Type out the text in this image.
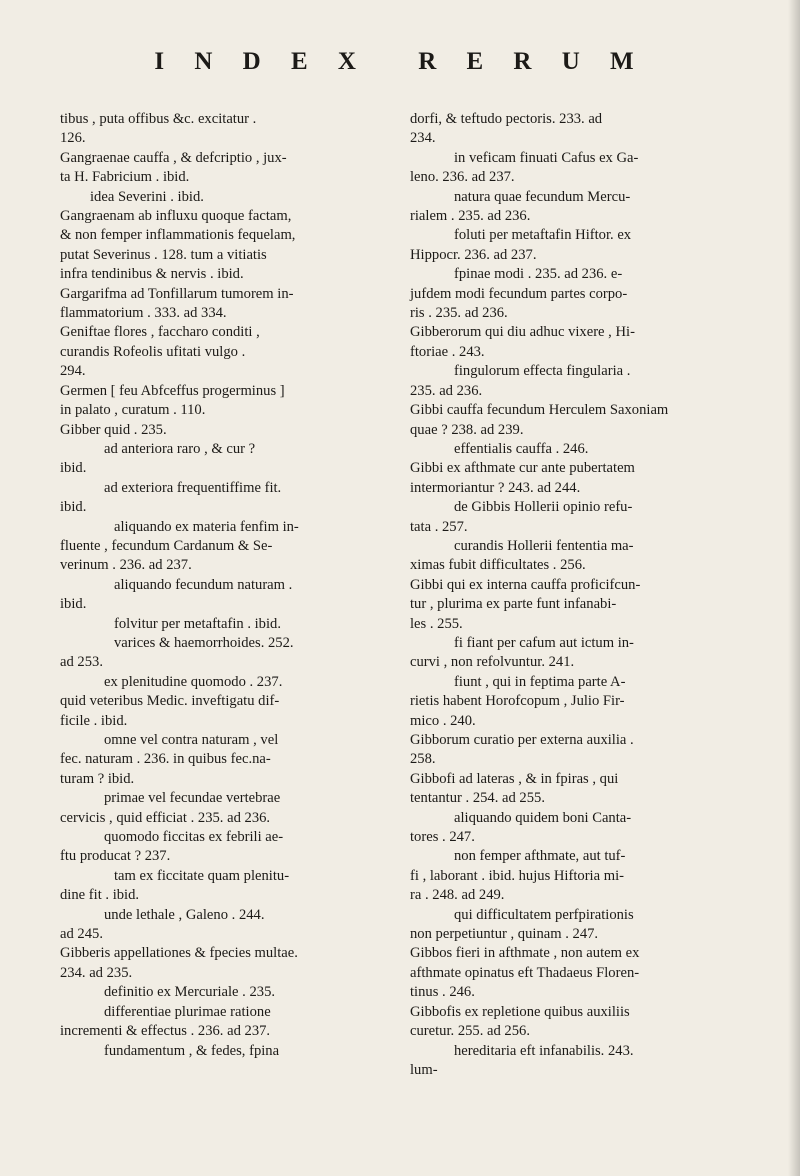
I N D E X R E R U M
tibus , puta offibus &c. excitatur .
126.
Gangraenae cauffa , & defcriptio , jux-
ta H. Fabricium . ibid.
idea Severini . ibid.
Gangraenam ab influxu quoque factam,
& non femper inflammationis fequelam,
putat Severinus . 128. tum a vitiatis
infra tendinibus & nervis . ibid.
Gargarifma ad Tonfillarum tumorem in-
flammatorium . 333. ad 334.
Geniftae flores , faccharo conditi ,
curandis Rofeolis ufitati vulgo .
294.
Germen [ feu Abfceffus progerminus ]
in palato , curatum . 110.
Gibber quid . 235.
ad anteriora raro , & cur ?
ibid.
ad exteriora frequentiffime fit.
ibid.
aliquando ex materia fenfim in-
fluente , fecundum Cardanum & Se-
verinum . 236. ad 237.
aliquando fecundum naturam .
ibid.
folvitur per metaftafin . ibid.
varices & haemorrhoides. 252.
ad 253.
ex plenitudine quomodo . 237.
quid veteribus Medic. inveftigatu dif-
ficile . ibid.
omne vel contra naturam , vel
fec. naturam . 236. in quibus fec.na-
turam ? ibid.
primae vel fecundae vertebrae
cervicis , quid efficiat . 235. ad 236.
quomodo ficcitas ex febrili ae-
ftu producat ? 237.
tam ex ficcitate quam plenitu-
dine fit . ibid.
unde lethale , Galeno . 244.
ad 245.
Gibberis appellationes & fpecies multae.
234. ad 235.
definitio ex Mercuriale . 235.
differentiae plurimae ratione
incrementi & effectus . 236. ad 237.
fundamentum , & fedes, fpina
dorfi, & teftudo pectoris. 233. ad
234.
in veficam finuati Cafus ex Ga-
leno. 236. ad 237.
natura quae fecundum Mercu-
rialem . 235. ad 236.
foluti per metaftafin Hiftor. ex
Hippocr. 236. ad 237.
fpinae modi . 235. ad 236. e-
jufdem modi fecundum partes corpo-
ris . 235. ad 236.
Gibberorum qui diu adhuc vixere , Hi-
ftoriae . 243.
fingulorum effecta fingularia .
235. ad 236.
Gibbi cauffa fecundum Herculem Saxoniam
quae ? 238. ad 239.
effentialis cauffa . 246.
Gibbi ex afthmate cur ante pubertatem
intermoriantur ? 243. ad 244.
de Gibbis Hollerii opinio refu-
tata . 257.
curandis Hollerii fententia ma-
ximas fubit difficultates . 256.
Gibbi qui ex interna cauffa proficifcun-
tur , plurima ex parte funt infanabi-
les . 255.
fi fiant per cafum aut ictum in-
curvi , non refolvuntur. 241.
fiunt , qui in feptima parte A-
rietis habent Horofcopum , Julio Fir-
mico . 240.
Gibborum curatio per externa auxilia .
258.
Gibbofi ad lateras , & in fpiras , qui
tentantur . 254. ad 255.
aliquando quidem boni Canta-
tores . 247.
non femper afthmate, aut tuf-
fi , laborant . ibid. hujus Hiftoria mi-
ra . 248. ad 249.
qui difficultatem perfpirationis
non perpetiuntur , quinam . 247.
Gibbos fieri in afthmate , non autem ex
afthmate opinatus eft Thadaeus Floren-
tinus . 246.
Gibbofis ex repletione quibus auxiliis
curetur. 255. ad 256.
hereditaria eft infanabilis. 243.
lum-
